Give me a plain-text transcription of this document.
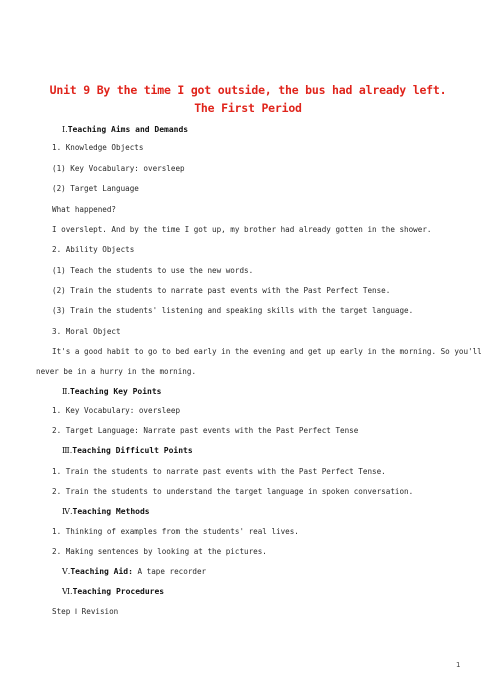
Unit 9 By the time I got outside, the bus had already left.
The First Period
Ⅰ.Teaching Aims and Demands
1. Knowledge Objects
(1) Key Vocabulary: oversleep
(2) Target Language
What happened?
I overslept. And by the time I got up, my brother had already gotten in the shower.
2. Ability Objects
(1) Teach the students to use the new words.
(2) Train the students to narrate past events with the Past Perfect Tense.
(3) Train the students' listening and speaking skills with the target language.
3. Moral Object
It's a good habit to go to bed early in the evening and get up early in the morning. So you'll
never be in a hurry in the morning.
Ⅱ.Teaching Key Points
1. Key Vocabulary: oversleep
2. Target Language: Narrate past events with the Past Perfect Tense
Ⅲ.Teaching Difficult Points
1. Train the students to narrate past events with the Past Perfect Tense.
2. Train the students to understand the target language in spoken conversation.
Ⅳ.Teaching Methods
1. Thinking of examples from the students' real lives.
2. Making sentences by looking at the pictures.
Ⅴ.Teaching Aid: A tape recorder
Ⅵ.Teaching Procedures
Step Ⅰ Revision
1
